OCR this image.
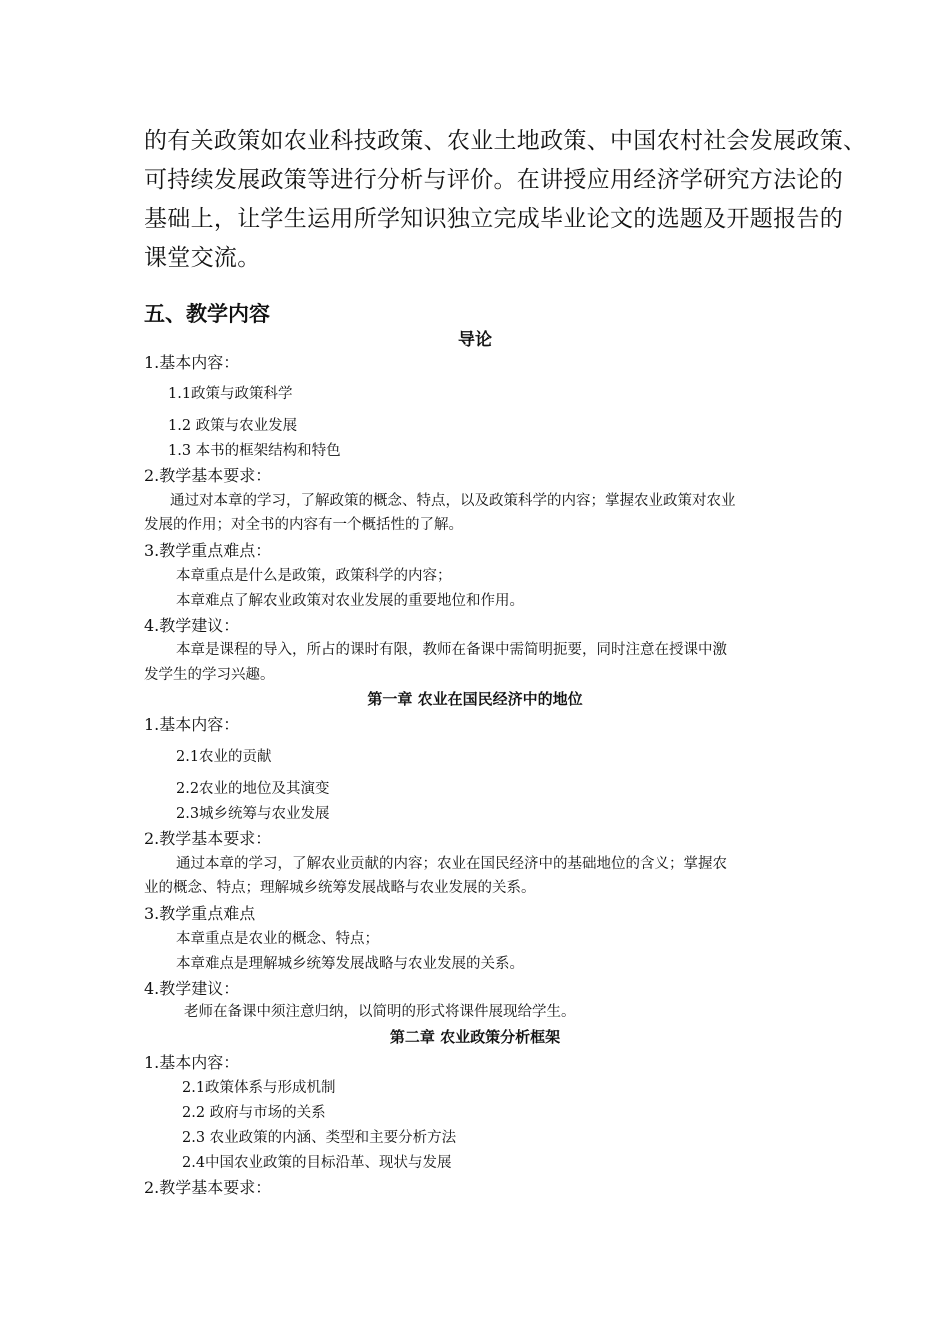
的有关政策如农业科技政策、农业土地政策、中国农村社会发展政策、
可持续发展政策等进行分析与评价。在讲授应用经济学研究方法论的
基础上，让学生运用所学知识独立完成毕业论文的选题及开题报告的
课堂交流。
五、教学内容
导论
1.基本内容：
1.1政策与政策科学
1.2 政策与农业发展
1.3 本书的框架结构和特色
2.教学基本要求：
通过对本章的学习，了解政策的概念、特点，以及政策科学的内容；掌握农业政策对农业
发展的作用；对全书的内容有一个概括性的了解。
3.教学重点难点：
本章重点是什么是政策，政策科学的内容；
本章难点了解农业政策对农业发展的重要地位和作用。
4.教学建议：
本章是课程的导入，所占的课时有限，教师在备课中需简明扼要，同时注意在授课中激
发学生的学习兴趣。
第一章 农业在国民经济中的地位
1.基本内容：
2.1农业的贡献
2.2农业的地位及其演变
2.3城乡统筹与农业发展
2.教学基本要求：
通过本章的学习，了解农业贡献的内容；农业在国民经济中的基础地位的含义；掌握农
业的概念、特点；理解城乡统筹发展战略与农业发展的关系。
3.教学重点难点
本章重点是农业的概念、特点；
本章难点是理解城乡统筹发展战略与农业发展的关系。
4.教学建议：
老师在备课中须注意归纳，以简明的形式将课件展现给学生。
第二章 农业政策分析框架
1.基本内容：
2.1政策体系与形成机制
2.2 政府与市场的关系
2.3 农业政策的内涵、类型和主要分析方法
2.4中国农业政策的目标沿革、现状与发展
2.教学基本要求：
